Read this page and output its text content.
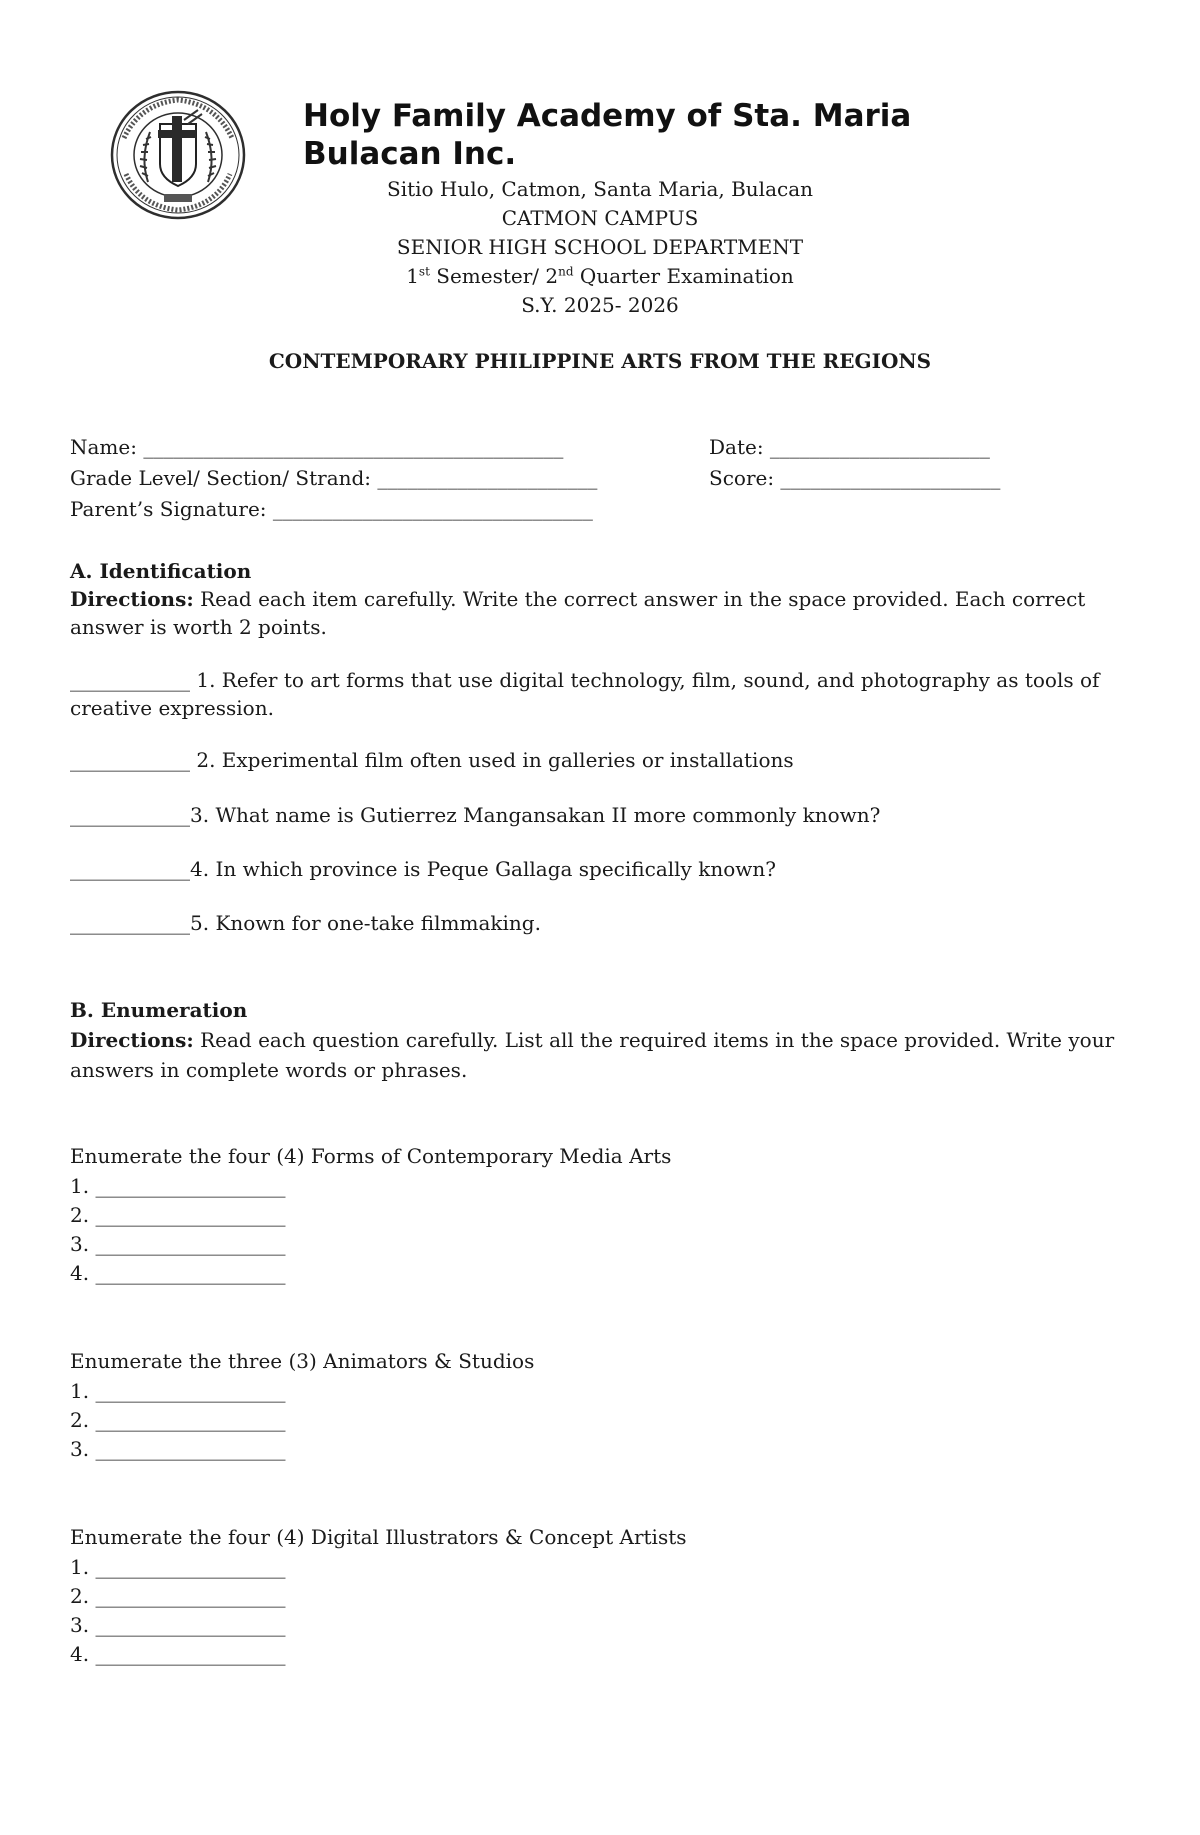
Holy Family Academy of Sta. Maria
Bulacan Inc.
Sitio Hulo, Catmon, Santa Maria, Bulacan
CATMON CAMPUS
SENIOR HIGH SCHOOL DEPARTMENT
1st Semester/ 2nd Quarter Examination
S.Y. 2025- 2026
CONTEMPORARY PHILIPPINE ARTS FROM THE REGIONS
Name: __________________________________________	Date: ______________________
Grade Level/ Section/ Strand: ______________________	Score: ______________________
Parent’s Signature: ________________________________
A. Identification
Directions: Read each item carefully. Write the correct answer in the space provided. Each correct answer is worth 2 points.
____________ 1. Refer to art forms that use digital technology, film, sound, and photography as tools of creative expression.
____________ 2. Experimental film often used in galleries or installations
____________3. What name is Gutierrez Mangansakan II more commonly known?
____________4. In which province is Peque Gallaga specifically known?
____________5. Known for one-take filmmaking.
B. Enumeration
Directions: Read each question carefully. List all the required items in the space provided. Write your answers in complete words or phrases.
Enumerate the four (4) Forms of Contemporary Media Arts
1. ___________________
2. ___________________
3. ___________________
4. ___________________
Enumerate the three (3) Animators & Studios
1. ___________________
2. ___________________
3. ___________________
Enumerate the four (4) Digital Illustrators & Concept Artists
1. ___________________
2. ___________________
3. ___________________
4. ___________________
